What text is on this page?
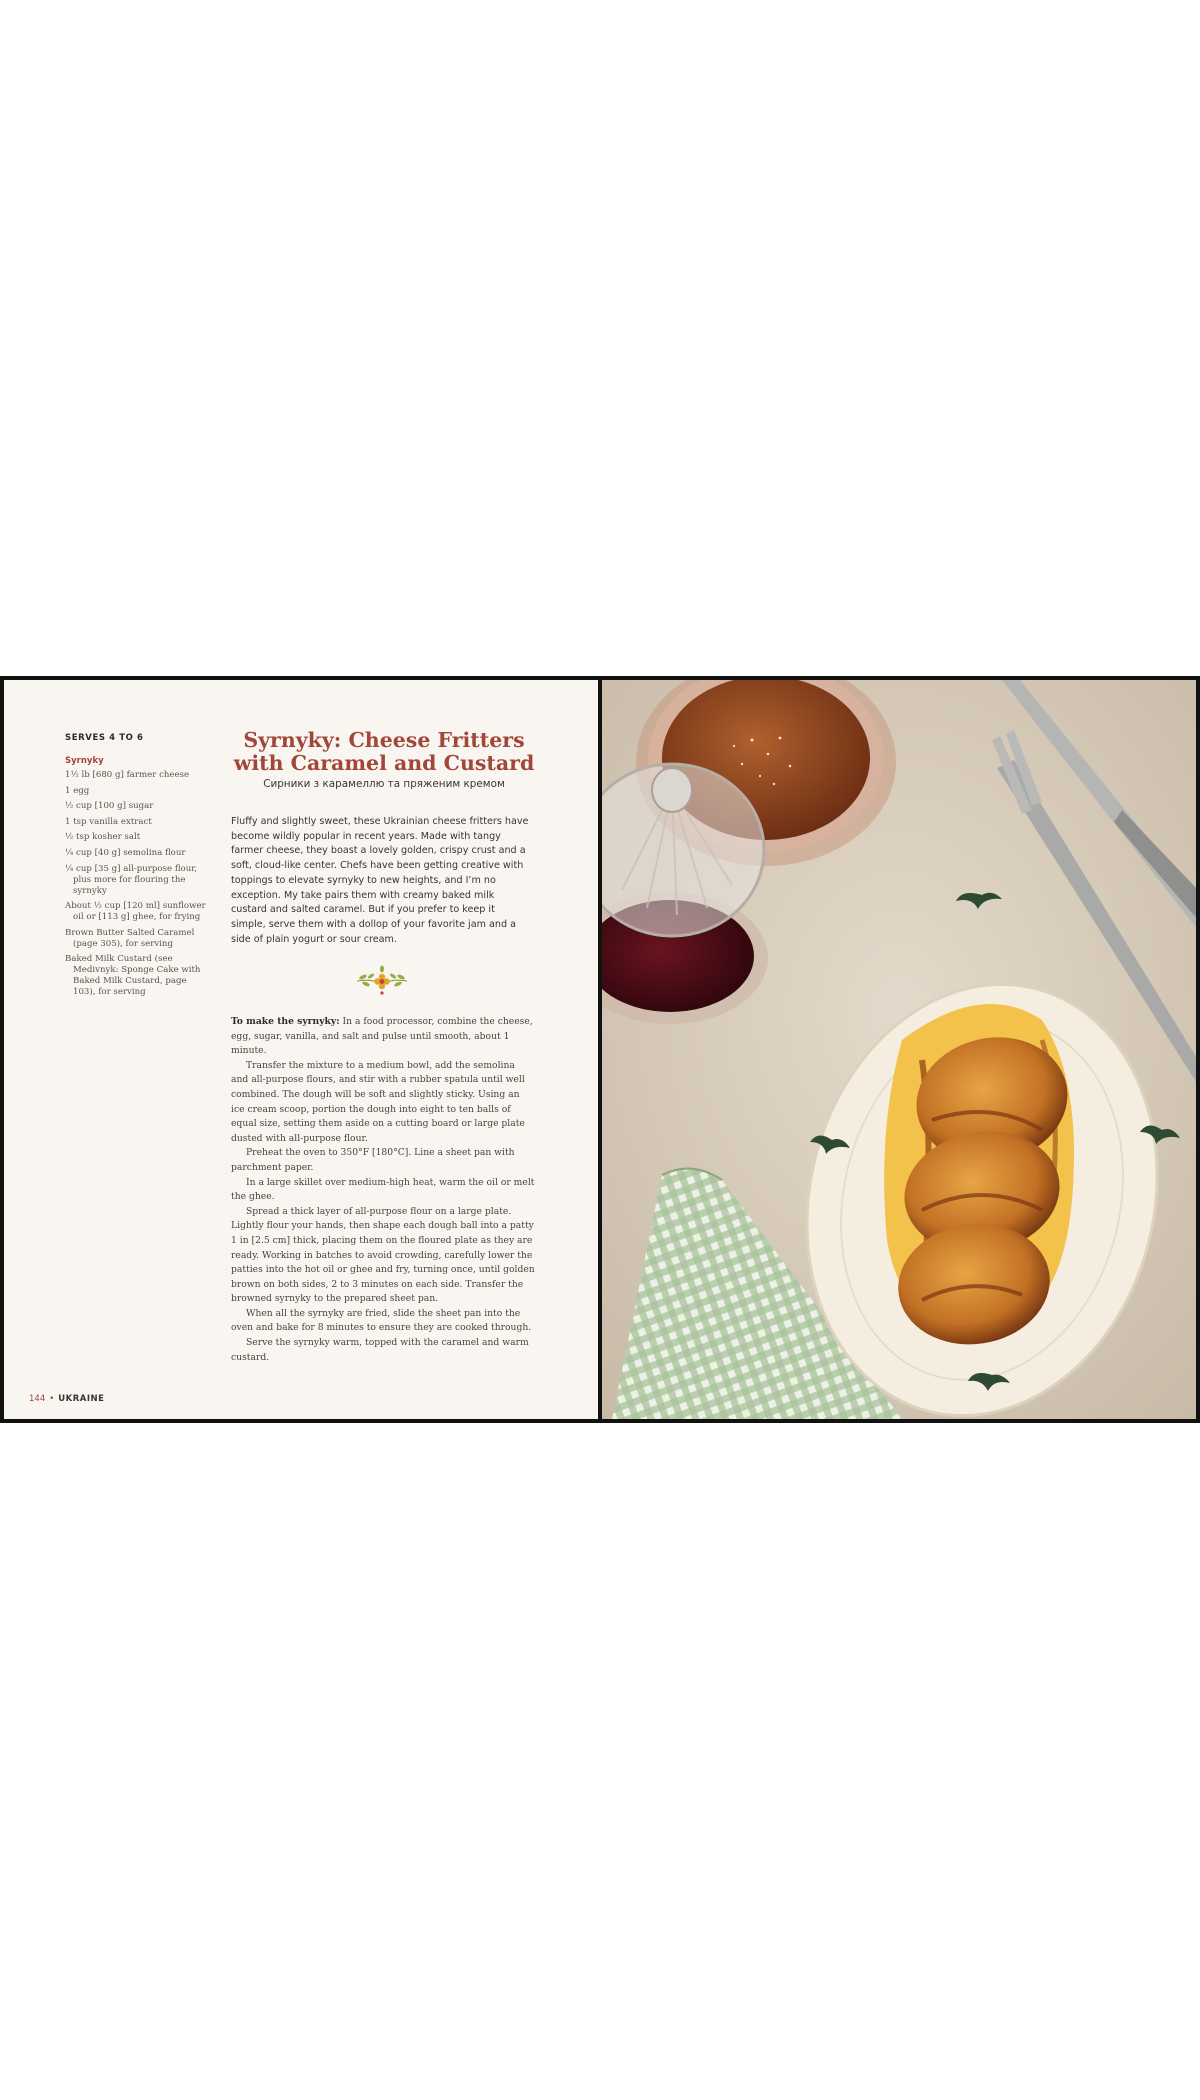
SERVES 4 TO 6
Syrnyky
1½ lb [680 g] farmer cheese
1 egg
½ cup [100 g] sugar
1 tsp vanilla extract
½ tsp kosher salt
¼ cup [40 g] semolina flour
¼ cup [35 g] all-purpose flour, plus more for flouring the syrnyky
About ½ cup [120 ml] sunflower oil or [113 g] ghee, for frying
Brown Butter Salted Caramel (page 305), for serving
Baked Milk Custard (see Medivnyk: Sponge Cake with Baked Milk Custard, page 103), for serving
Syrnyky: Cheese Fritters with Caramel and Custard
Сирники з карамеллю та пряженим кремом

Fluffy and slightly sweet, these Ukrainian cheese fritters have become wildly popular in recent years. Made with tangy farmer cheese, they boast a lovely golden, crispy crust and a soft, cloud-like center. Chefs have been getting creative with toppings to elevate syrnyky to new heights, and I’m no exception. My take pairs them with creamy baked milk custard and salted caramel. But if you prefer to keep it simple, serve them with a dollop of your favorite jam and a side of plain yogurt or sour cream.

To make the syrnyky: In a food processor, combine the cheese, egg, sugar, vanilla, and salt and pulse until smooth, about 1 minute.

Transfer the mixture to a medium bowl, add the semolina and all-purpose flours, and stir with a rubber spatula until well combined. The dough will be soft and slightly sticky. Using an ice cream scoop, portion the dough into eight to ten balls of equal size, setting them aside on a cutting board or large plate dusted with all-purpose flour.

Preheat the oven to 350°F [180°C]. Line a sheet pan with parchment paper.

In a large skillet over medium-high heat, warm the oil or melt the ghee.

Spread a thick layer of all-purpose flour on a large plate. Lightly flour your hands, then shape each dough ball into a patty 1 in [2.5 cm] thick, placing them on the floured plate as they are ready. Working in batches to avoid crowding, carefully lower the patties into the hot oil or ghee and fry, turning once, until golden brown on both sides, 2 to 3 minutes on each side. Transfer the browned syrnyky to the prepared sheet pan.

When all the syrnyky are fried, slide the sheet pan into the oven and bake for 8 minutes to ensure they are cooked through.

Serve the syrnyky warm, topped with the caramel and warm custard.

144 • UKRAINE
